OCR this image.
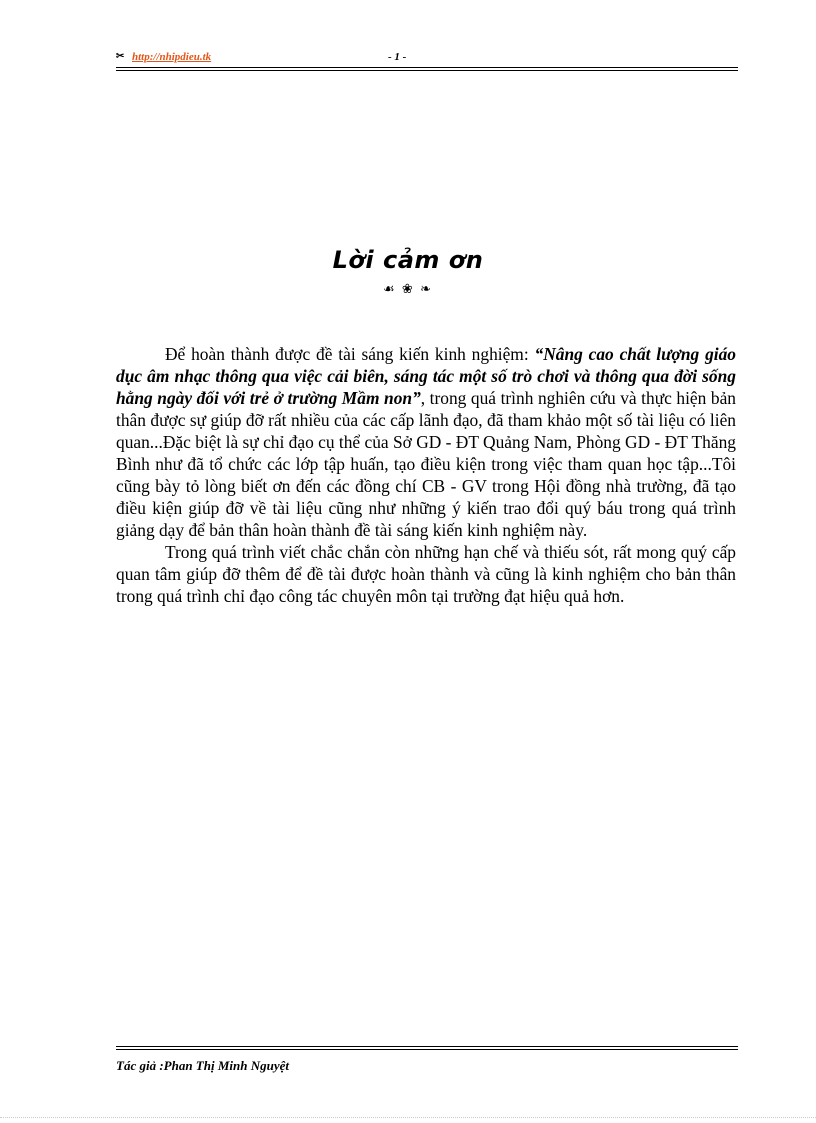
✂ http://nhipdieu.tk	- 1 -
Lời cảm ơn
☙ ❀ ❧

Để hoàn thành được đề tài sáng kiến kinh nghiệm: “Nâng cao chất lượng giáo dục âm nhạc thông qua việc cải biên, sáng tác một số trò chơi và thông qua đời sống hằng ngày đối với trẻ ở trường Mầm non”, trong quá trình nghiên cứu và thực hiện bản thân được sự giúp đỡ rất nhiều của các cấp lãnh đạo, đã tham khảo một số tài liệu có liên quan...Đặc biệt là sự chỉ đạo cụ thể của Sở GD - ĐT Quảng Nam, Phòng GD - ĐT Thăng Bình như đã tổ chức các lớp tập huấn, tạo điều kiện trong việc tham quan học tập...Tôi cũng bày tỏ lòng biết ơn đến các đồng chí CB - GV trong Hội đồng nhà trường, đã tạo điều kiện giúp đỡ về tài liệu cũng như những ý kiến trao đổi quý báu trong quá trình giảng dạy để bản thân hoàn thành đề tài sáng kiến kinh nghiệm này.

Trong quá trình viết chắc chắn còn những hạn chế và thiếu sót, rất mong quý cấp quan tâm giúp đỡ thêm để đề tài được hoàn thành và cũng là kinh nghiệm cho bản thân trong quá trình chỉ đạo công tác chuyên môn tại trường đạt hiệu quả hơn.

Tác giả :Phan Thị Minh Nguyệt
